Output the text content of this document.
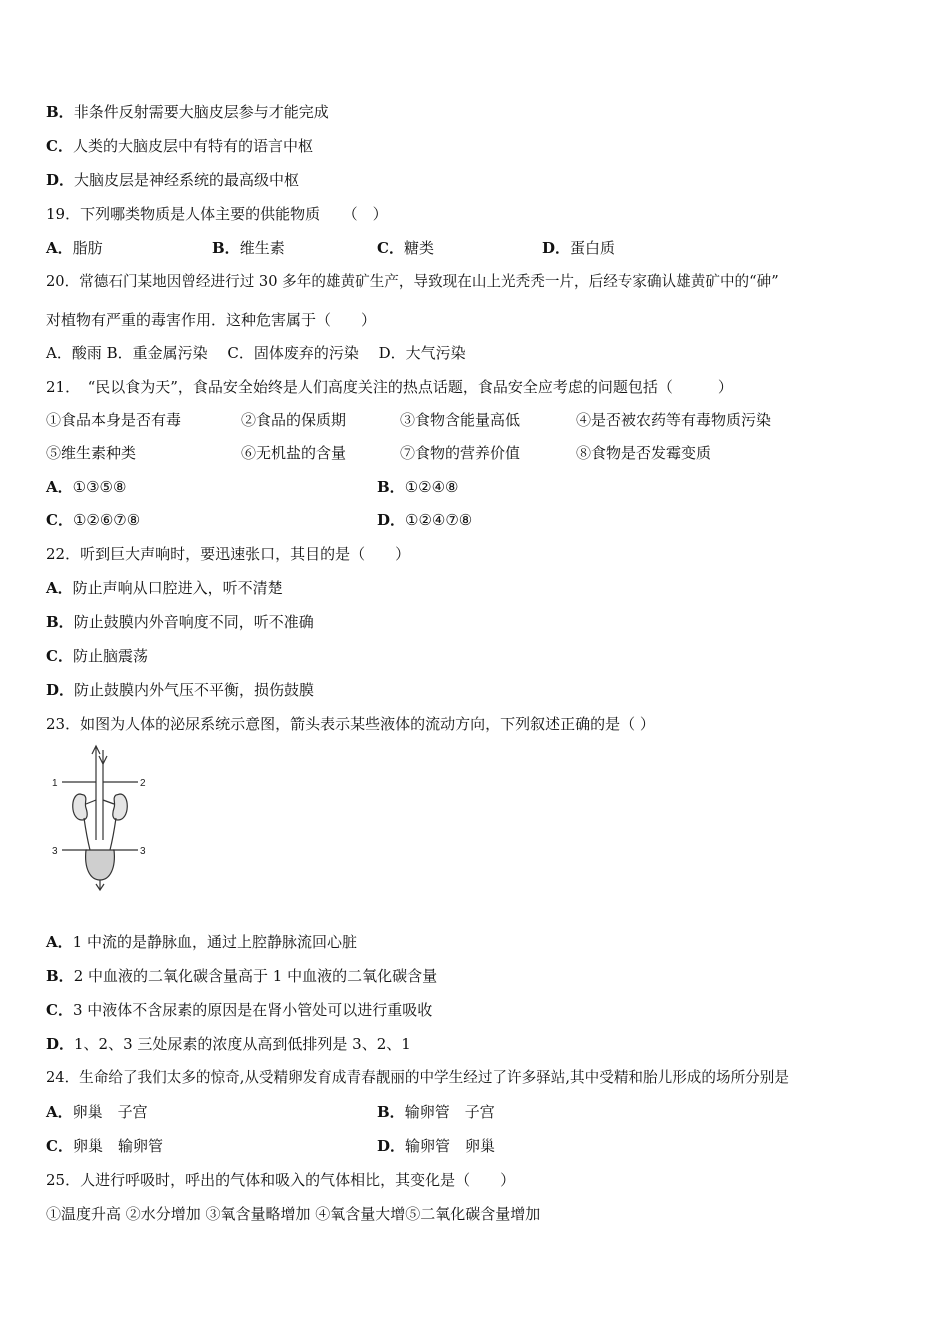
B．非条件反射需要大脑皮层参与才能完成
C．人类的大脑皮层中有特有的语言中枢
D．大脑皮层是神经系统的最高级中枢
19．下列哪类物质是人体主要的供能物质　　（　）
A．脂肪	B．维生素	C．糖类	D．蛋白质
20．常德石门某地因曾经进行过 30 多年的雄黄矿生产，导致现在山上光秃秃一片，后经专家确认雄黄矿中的“砷”
对植物有严重的毒害作用．这种危害属于（　　）
A．酸雨 B．重金属污染　 C．固体废弃的污染　 D．大气污染
21．　“民以食为天”，食品安全始终是人们高度关注的热点话题，食品安全应考虑的问题包括（　　　）
①食品本身是否有毒	②食品的保质期	③食物含能量高低	④是否被农药等有毒物质污染
⑤维生素种类	⑥无机盐的含量	⑦食物的营养价值	⑧食物是否发霉变质
A．①③⑤⑧	B．①②④⑧
C．①②⑥⑦⑧	D．①②④⑦⑧
22．听到巨大声响时，要迅速张口，其目的是（　　）
A．防止声响从口腔进入，听不清楚
B．防止鼓膜内外音响度不同，听不准确
C．防止脑震荡
D．防止鼓膜内外气压不平衡，损伤鼓膜
23．如图为人体的泌尿系统示意图，箭头表示某些液体的流动方向，下列叙述正确的是（ ）
1	2
3	3
A．1 中流的是静脉血，通过上腔静脉流回心脏
B．2 中血液的二氧化碳含量高于 1 中血液的二氧化碳含量
C．3 中液体不含尿素的原因是在肾小管处可以进行重吸收
D．1、2、3 三处尿素的浓度从高到低排列是 3、2、1
24．生命给了我们太多的惊奇,从受精卵发育成青春靓丽的中学生经过了许多驿站,其中受精和胎儿形成的场所分别是
A．卵巢　子宫	B．输卵管　子宫
C．卵巢　输卵管	D．输卵管　卵巢
25．人进行呼吸时，呼出的气体和吸入的气体相比，其变化是（　　）
①温度升高 ②水分增加 ③氧含量略增加 ④氧含量大增⑤二氧化碳含量增加
